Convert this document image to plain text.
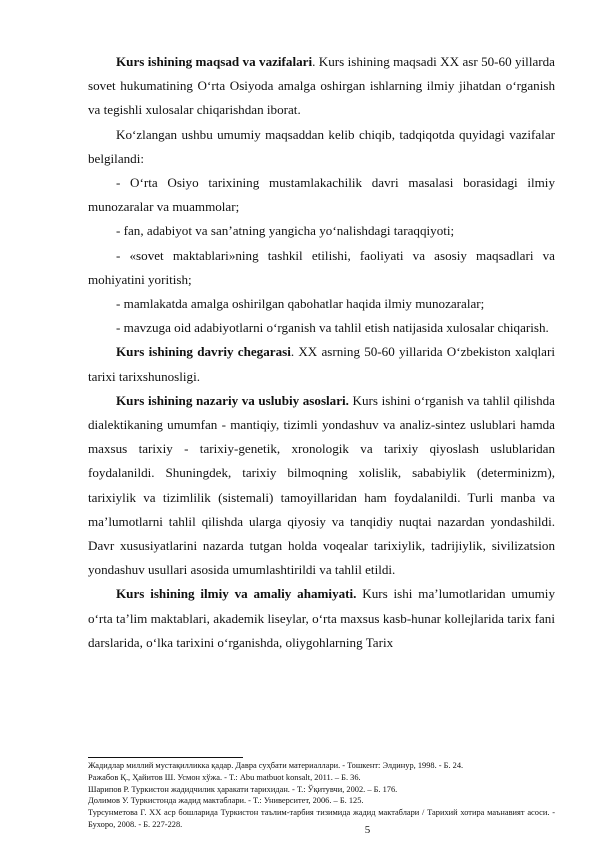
Kurs ishining maqsad va vazifalari. Kurs ishining maqsadi XX asr 50-60 yillarda sovet hukumatining O‘rta Osiyoda amalga oshirgan ishlarning ilmiy jihatdan o‘rganish va tegishli xulosalar chiqarishdan iborat.

Ko‘zlangan ushbu umumiy maqsaddan kelib chiqib, tadqiqotda quyidagi vazifalar belgilandi:

- O‘rta Osiyo tarixining mustamlakachilik davri masalasi borasidagi ilmiy munozaralar va muammolar;

- fan, adabiyot va san’atning yangicha yo‘nalishdagi taraqqiyoti;

- «sovet maktablari»ning tashkil etilishi, faoliyati va asosiy maqsadlari va mohiyatini yoritish;

- mamlakatda amalga oshirilgan qabohatlar haqida ilmiy munozaralar;

- mavzuga oid adabiyotlarni o‘rganish va tahlil etish natijasida xulosalar chiqarish.

Kurs ishining davriy chegarasi. XX asrning 50-60 yillarida O‘zbekiston xalqlari tarixi tarixshunosligi.

Kurs ishining nazariy va uslubiy asoslari. Kurs ishini o‘rganish va tahlil qilishda dialektikaning umumfan - mantiqiy, tizimli yondashuv va analiz-sintez uslublari hamda maxsus tarixiy - tarixiy-genetik, xronologik va tarixiy qiyoslash uslublaridan foydalanildi. Shuningdek, tarixiy bilmoqning xolislik, sababiylik (determinizm), tarixiylik va tizimlilik (sistemali) tamoyillaridan ham foydalanildi. Turli manba va ma’lumotlarni tahlil qilishda ularga qiyosiy va tanqidiy nuqtai nazardan yondashildi. Davr xususiyatlarini nazarda tutgan holda voqealar tarixiylik, tadrijiylik, sivilizatsion yondashuv usullari asosida umumlashtirildi va tahlil etildi.

Kurs ishining ilmiy va amaliy ahamiyati. Kurs ishi ma’lumotlaridan umumiy o‘rta ta’lim maktablari, akademik liseylar, o‘rta maxsus kasb-hunar kollejlarida tarix fani darslarida, o‘lka tarixini o‘rganishda, oliygohlarning Tarix

Жадидлар миллий мустақилликка қадар. Давра суҳбати материаллари. - Тошкент: Элдинур, 1998. - Б. 24.

Ражабов Қ., Ҳайитов Ш. Усмон хўжа. - Т.: Abu matbuot konsalt, 2011. – Б. 36.

Шарипов Р. Туркистон жадидчилик ҳаракати тарихидан. - Т.: Ўқитувчи, 2002. – Б. 176.

Долимов У. Туркистонда жадид мактаблари. - Т.: Университет, 2006. – Б. 125.

Турсунметова Г. XX аср бошларида Туркистон таълим-тарбия тизимида жадид мактаблари / Тарихий хотира маънавият асоси. - Бухоро, 2008. - Б. 227-228.	5
